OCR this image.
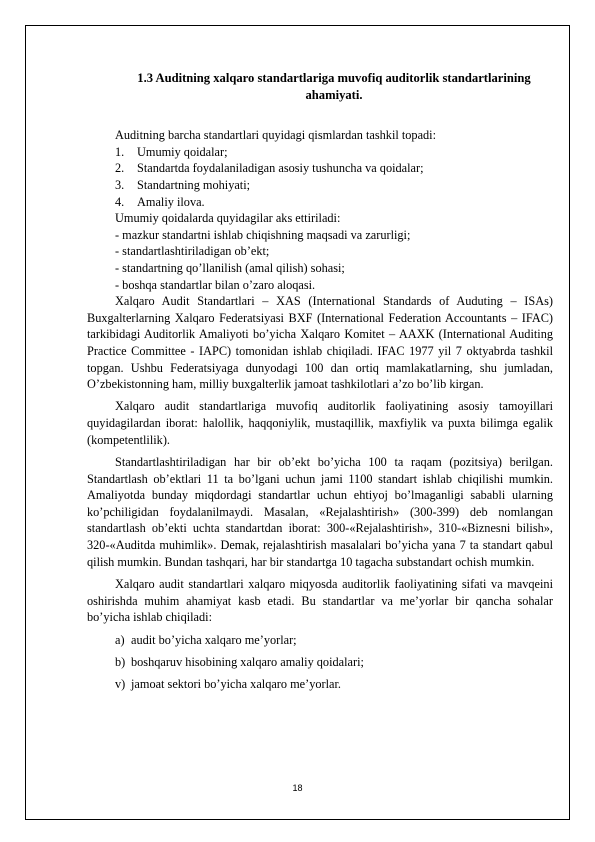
1.3 Auditning xalqaro standartlariga muvofiq auditorlik standartlarining ahamiyati.

Auditning barcha standartlari quyidagi qismlardan tashkil topadi:

1.	Umumiy qoidalar;
2.	Standartda foydalaniladigan asosiy tushuncha va qoidalar;
3.	Standartning mohiyati;
4.	Amaliy ilova.

Umumiy qoidalarda quyidagilar aks ettiriladi:

- mazkur standartni ishlab chiqishning maqsadi va zarurligi;

- standartlashtiriladigan ob’ekt;

- standartning qo’llanilish (amal qilish) sohasi;

- boshqa standartlar bilan o’zaro aloqasi.

Xalqaro Audit Standartlari – XAS (International Standards of Auduting – ISAs) Buxgalterlarning Xalqaro Federatsiyasi BXF (International Federation Accountants – IFAC) tarkibidagi Auditorlik Amaliyoti bo’yicha Xalqaro Komitet – AAXK (International Auditing Practice Committee - IAPC) tomonidan ishlab chiqiladi. IFAC 1977 yil 7 oktyabrda tashkil topgan. Ushbu Federatsiyaga dunyodagi 100 dan ortiq mamlakatlarning, shu jumladan, O’zbekistonning ham, milliy buxgalterlik jamoat tashkilotlari a’zo bo’lib kirgan.

Xalqaro audit standartlariga muvofiq auditorlik faoliyatining asosiy tamoyillari quyidagilardan iborat: halollik, haqqoniylik, mustaqillik, maxfiylik va puxta bilimga egalik (kompetentlilik).

Standartlashtiriladigan har bir ob’ekt bo’yicha 100 ta raqam (pozitsiya) berilgan. Standartlash ob’ektlari 11 ta bo’lgani uchun jami 1100 standart ishlab chiqilishi mumkin. Amaliyotda bunday miqdordagi standartlar uchun ehtiyoj bo’lmaganligi sababli ularning ko’pchiligidan foydalanilmaydi. Masalan, «Rejalashtirish» (300-399) deb nomlangan standartlash ob’ekti uchta standartdan iborat: 300-«Rejalashtirish», 310-«Biznesni bilish», 320-«Auditda muhimlik». Demak, rejalashtirish masalalari bo’yicha yana 7 ta standart qabul qilish mumkin. Bundan tashqari, har bir standartga 10 tagacha substandart ochish mumkin.

Xalqaro audit standartlari xalqaro miqyosda auditorlik faoliyatining sifati va mavqeini oshirishda muhim ahamiyat kasb etadi. Bu standartlar va me’yorlar bir qancha sohalar bo’yicha ishlab chiqiladi:

a) audit bo’yicha xalqaro me’yorlar;

b) boshqaruv hisobining xalqaro amaliy qoidalari;

v) jamoat sektori bo’yicha xalqaro me’yorlar.

18
